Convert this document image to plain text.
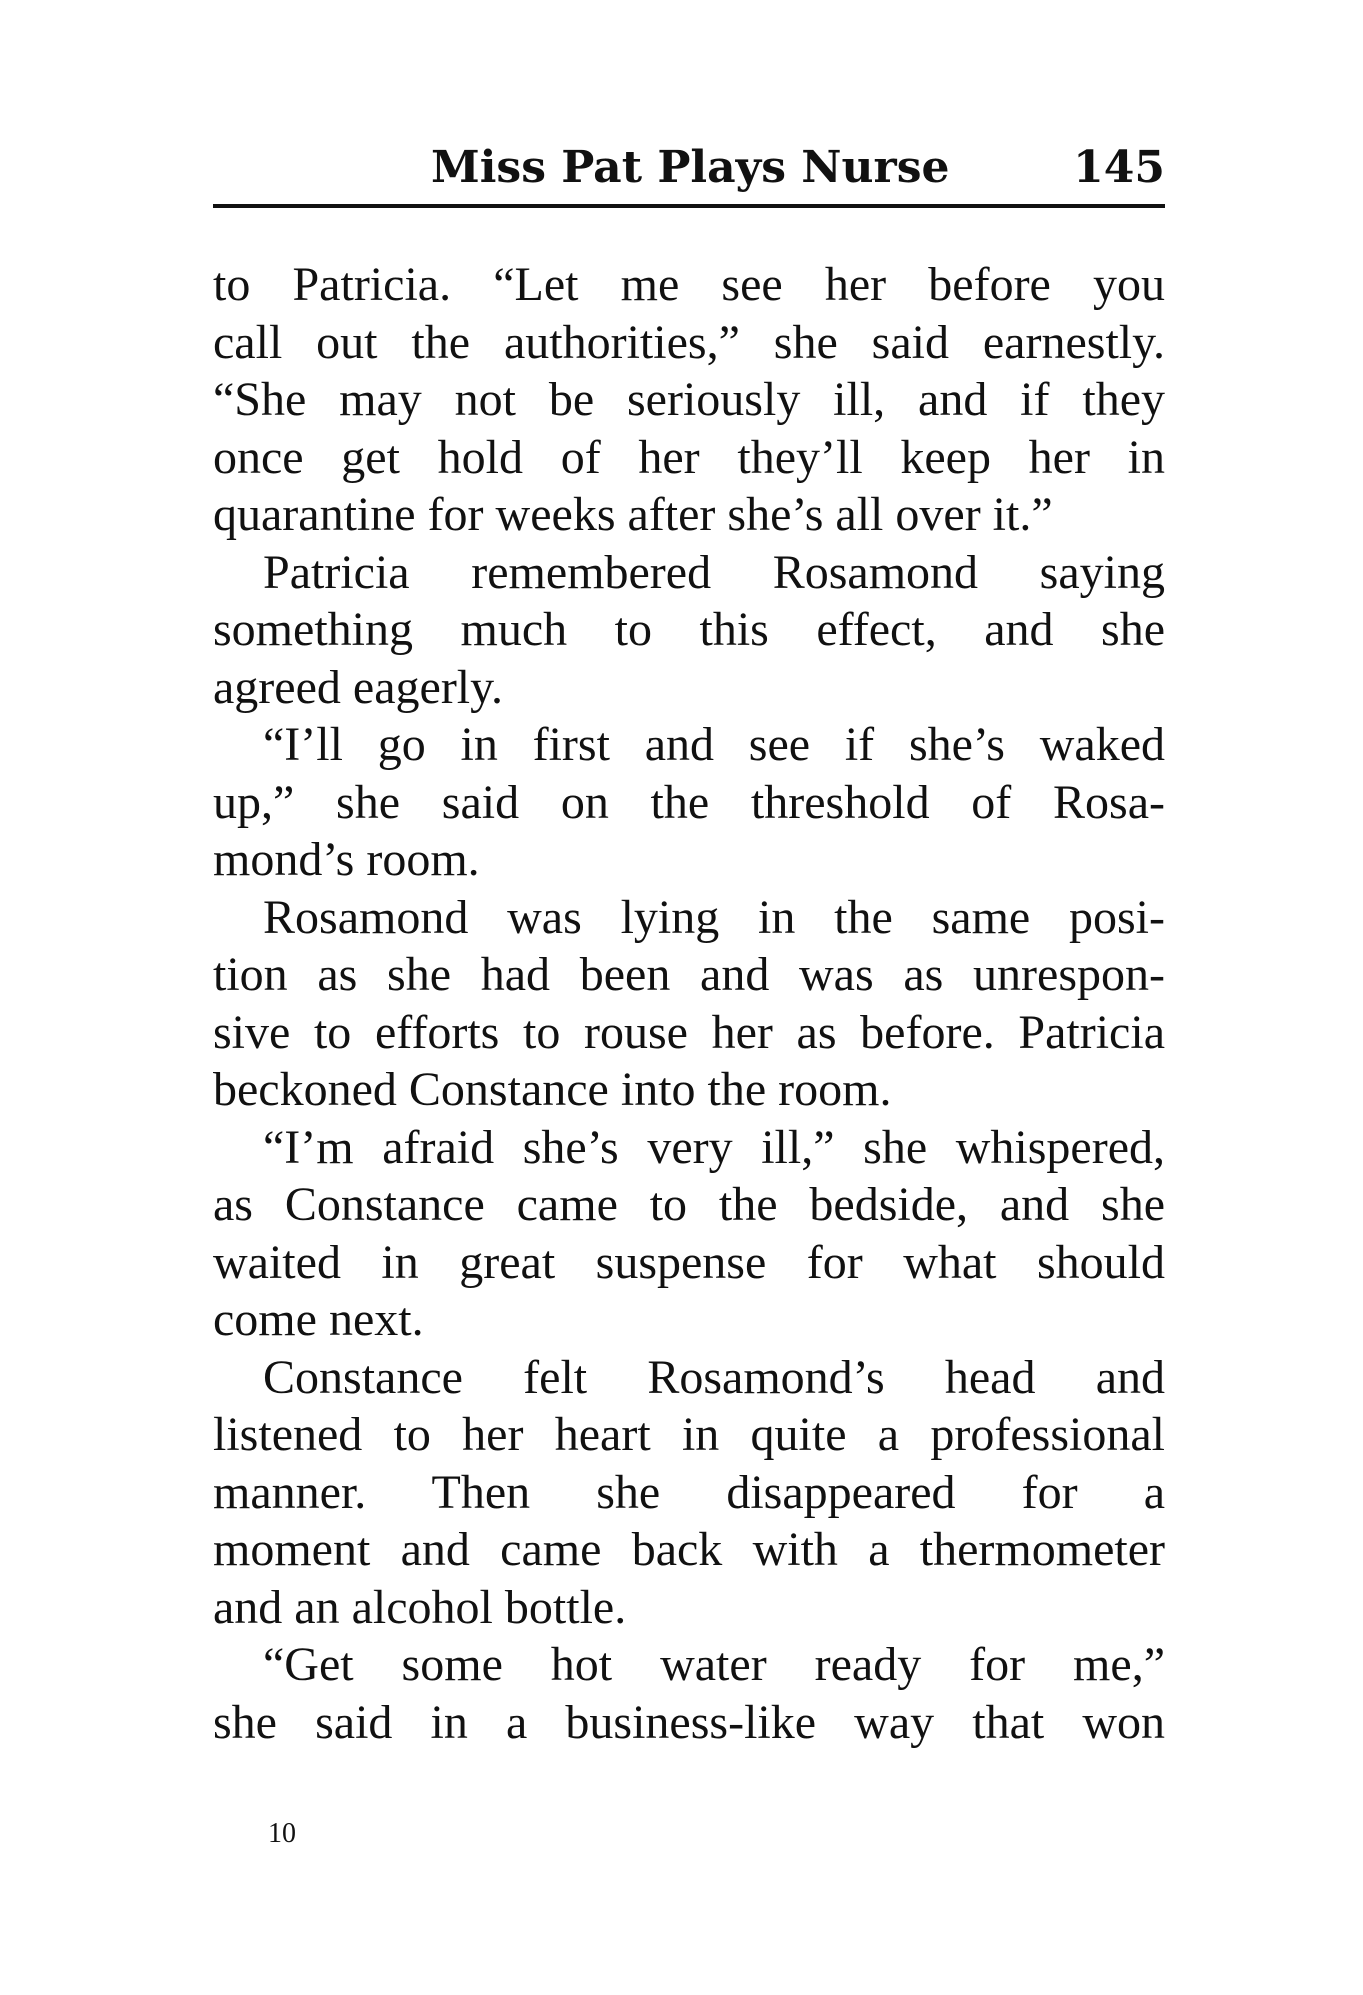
Miss Pat Plays Nurse	145
to Patricia. “Let me see her before you
call out the authorities,” she said earnestly.
“She may not be seriously ill, and if they
once get hold of her they’ll keep her in
quarantine for weeks after she’s all over it.”
Patricia remembered Rosamond saying
something much to this effect, and she
agreed eagerly.
“I’ll go in first and see if she’s waked
up,” she said on the threshold of Rosa-
mond’s room.
Rosamond was lying in the same posi-
tion as she had been and was as unrespon-
sive to efforts to rouse her as before. Patricia
beckoned Constance into the room.
“I’m afraid she’s very ill,” she whispered,
as Constance came to the bedside, and she
waited in great suspense for what should
come next.
Constance felt Rosamond’s head and
listened to her heart in quite a professional
manner. Then she disappeared for a
moment and came back with a thermometer
and an alcohol bottle.
“Get some hot water ready for me,”
she said in a business-like way that won
10
